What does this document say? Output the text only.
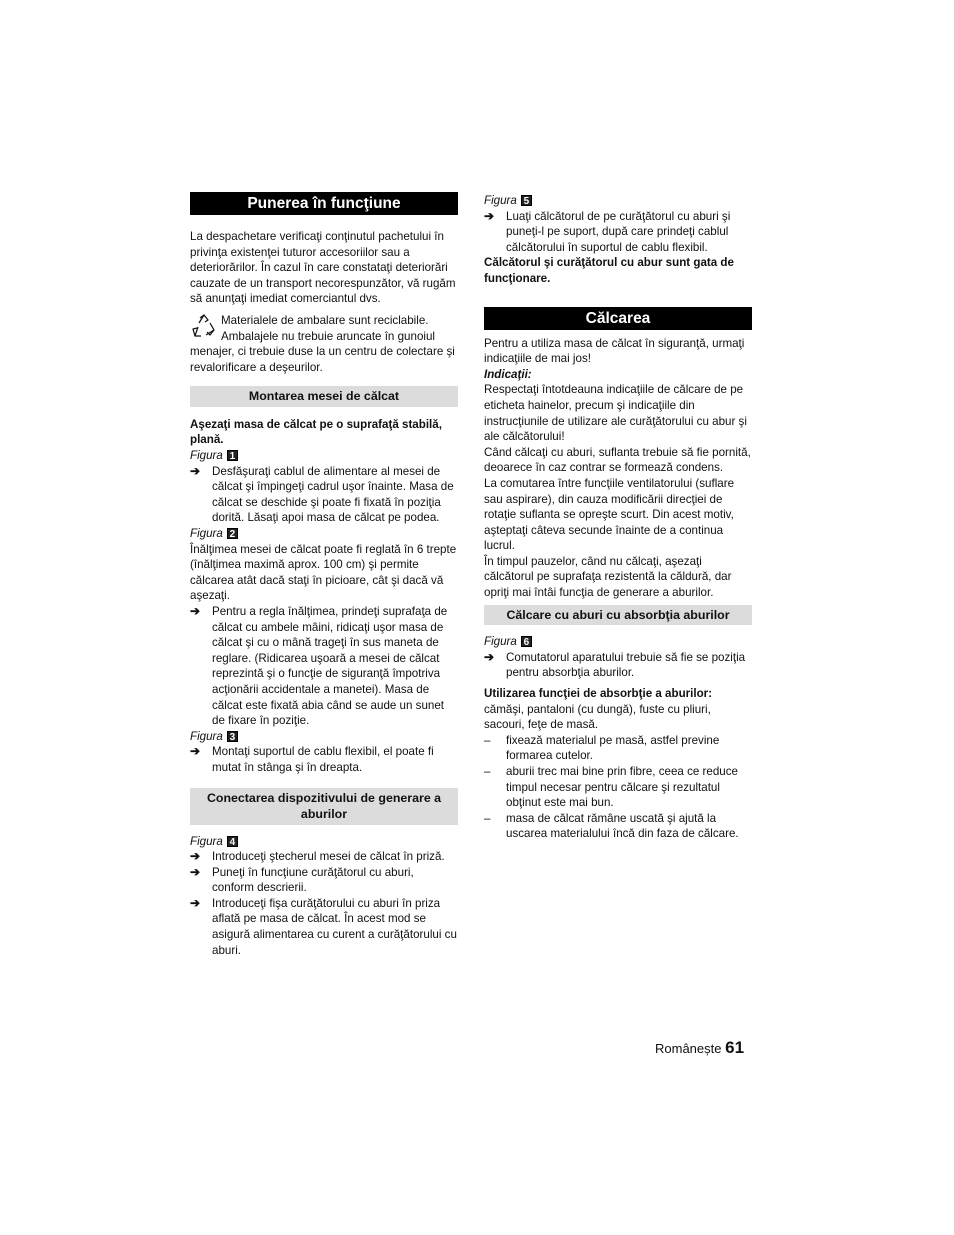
Punerea în funcţiune

La despachetare verificaţi conţinutul pachetului în privinţa existenţei tuturor accesoriilor sau a deteriorărilor. În cazul în care constataţi deteriorări cauzate de un transport necorespunzător, vă rugăm să anunţaţi imediat comerciantul dvs.

Materialele de ambalare sunt reciclabile. Ambalajele nu trebuie aruncate în gunoiul menajer, ci trebuie duse la un centru de colectare şi revalorificare a deşeurilor.
Montarea mesei de călcat

Aşezaţi masa de călcat pe o suprafaţă stabilă, plană.

Figura 1
➔	Desfăşuraţi cablul de alimentare al mesei de călcat şi împingeţi cadrul uşor înainte. Masa de călcat se deschide şi poate fi fixată în poziţia dorită. Lăsaţi apoi masa de călcat pe podea.
Figura 2

Înălţimea mesei de călcat poate fi reglată în 6 trepte (înălţimea maximă aprox. 100 cm) şi permite călcarea atât dacă staţi în picioare, cât şi dacă vă aşezaţi.

➔	Pentru a regla înălţimea, prindeţi suprafaţa de călcat cu ambele mâini, ridicaţi uşor masa de călcat şi cu o mână trageţi în sus maneta de reglare. (Ridicarea uşoară a mesei de călcat reprezintă şi o funcţie de siguranţă împotriva acţionării accidentale a manetei). Masa de călcat este fixată abia când se aude un sunet de fixare în poziţie.
Figura 3
➔	Montaţi suportul de cablu flexibil, el poate fi mutat în stânga şi în dreapta.
Conectarea dispozitivului de generare a aburilor
Figura 4
➔	Introduceţi ştecherul mesei de călcat în priză.
➔	Puneţi în funcţiune curăţătorul cu aburi, conform descrierii.
➔	Introduceţi fişa curăţătorului cu aburi în priza aflată pe masa de călcat. În acest mod se asigură alimentarea cu curent a curăţătorului cu aburi.
Figura 5
➔	Luaţi călcătorul de pe curăţătorul cu aburi şi puneţi-l pe suport, după care prindeţi cablul călcătorului în suportul de cablu flexibil.

Călcătorul şi curăţătorul cu abur sunt gata de funcţionare.

Călcarea

Pentru a utiliza masa de călcat în siguranţă, urmaţi indicaţiile de mai jos!

Indicaţii:

Respectaţi întotdeauna indicaţiile de călcare de pe eticheta hainelor, precum şi indicaţiile din instrucţiunile de utilizare ale curăţătorului cu abur şi ale călcătorului!

Când călcaţi cu aburi, suflanta trebuie să fie pornită, deoarece în caz contrar se formează condens.

La comutarea între funcţiile ventilatorului (suflare sau aspirare), din cauza modificării direcţiei de rotaţie suflanta se opreşte scurt. Din acest motiv, aşteptaţi câteva secunde înainte de a continua lucrul.

În timpul pauzelor, când nu călcaţi, aşezaţi călcătorul pe suprafaţa rezistentă la căldură, dar opriţi mai întâi funcţia de generare a aburilor.

Călcare cu aburi cu absorbţia aburilor
Figura 6
➔	Comutatorul aparatului trebuie să fie se poziţia pentru absorbţia aburilor.

Utilizarea funcţiei de absorbţie a aburilor:

cămăşi, pantaloni (cu dungă), fuste cu pliuri, sacouri, feţe de masă.

–	fixează materialul pe masă, astfel previne formarea cutelor.
–	aburii trec mai bine prin fibre, ceea ce reduce timpul necesar pentru călcare şi rezultatul obţinut este mai bun.
–	masa de călcat rămâne uscată şi ajută la uscarea materialului încă din faza de călcare.
Românește 61
